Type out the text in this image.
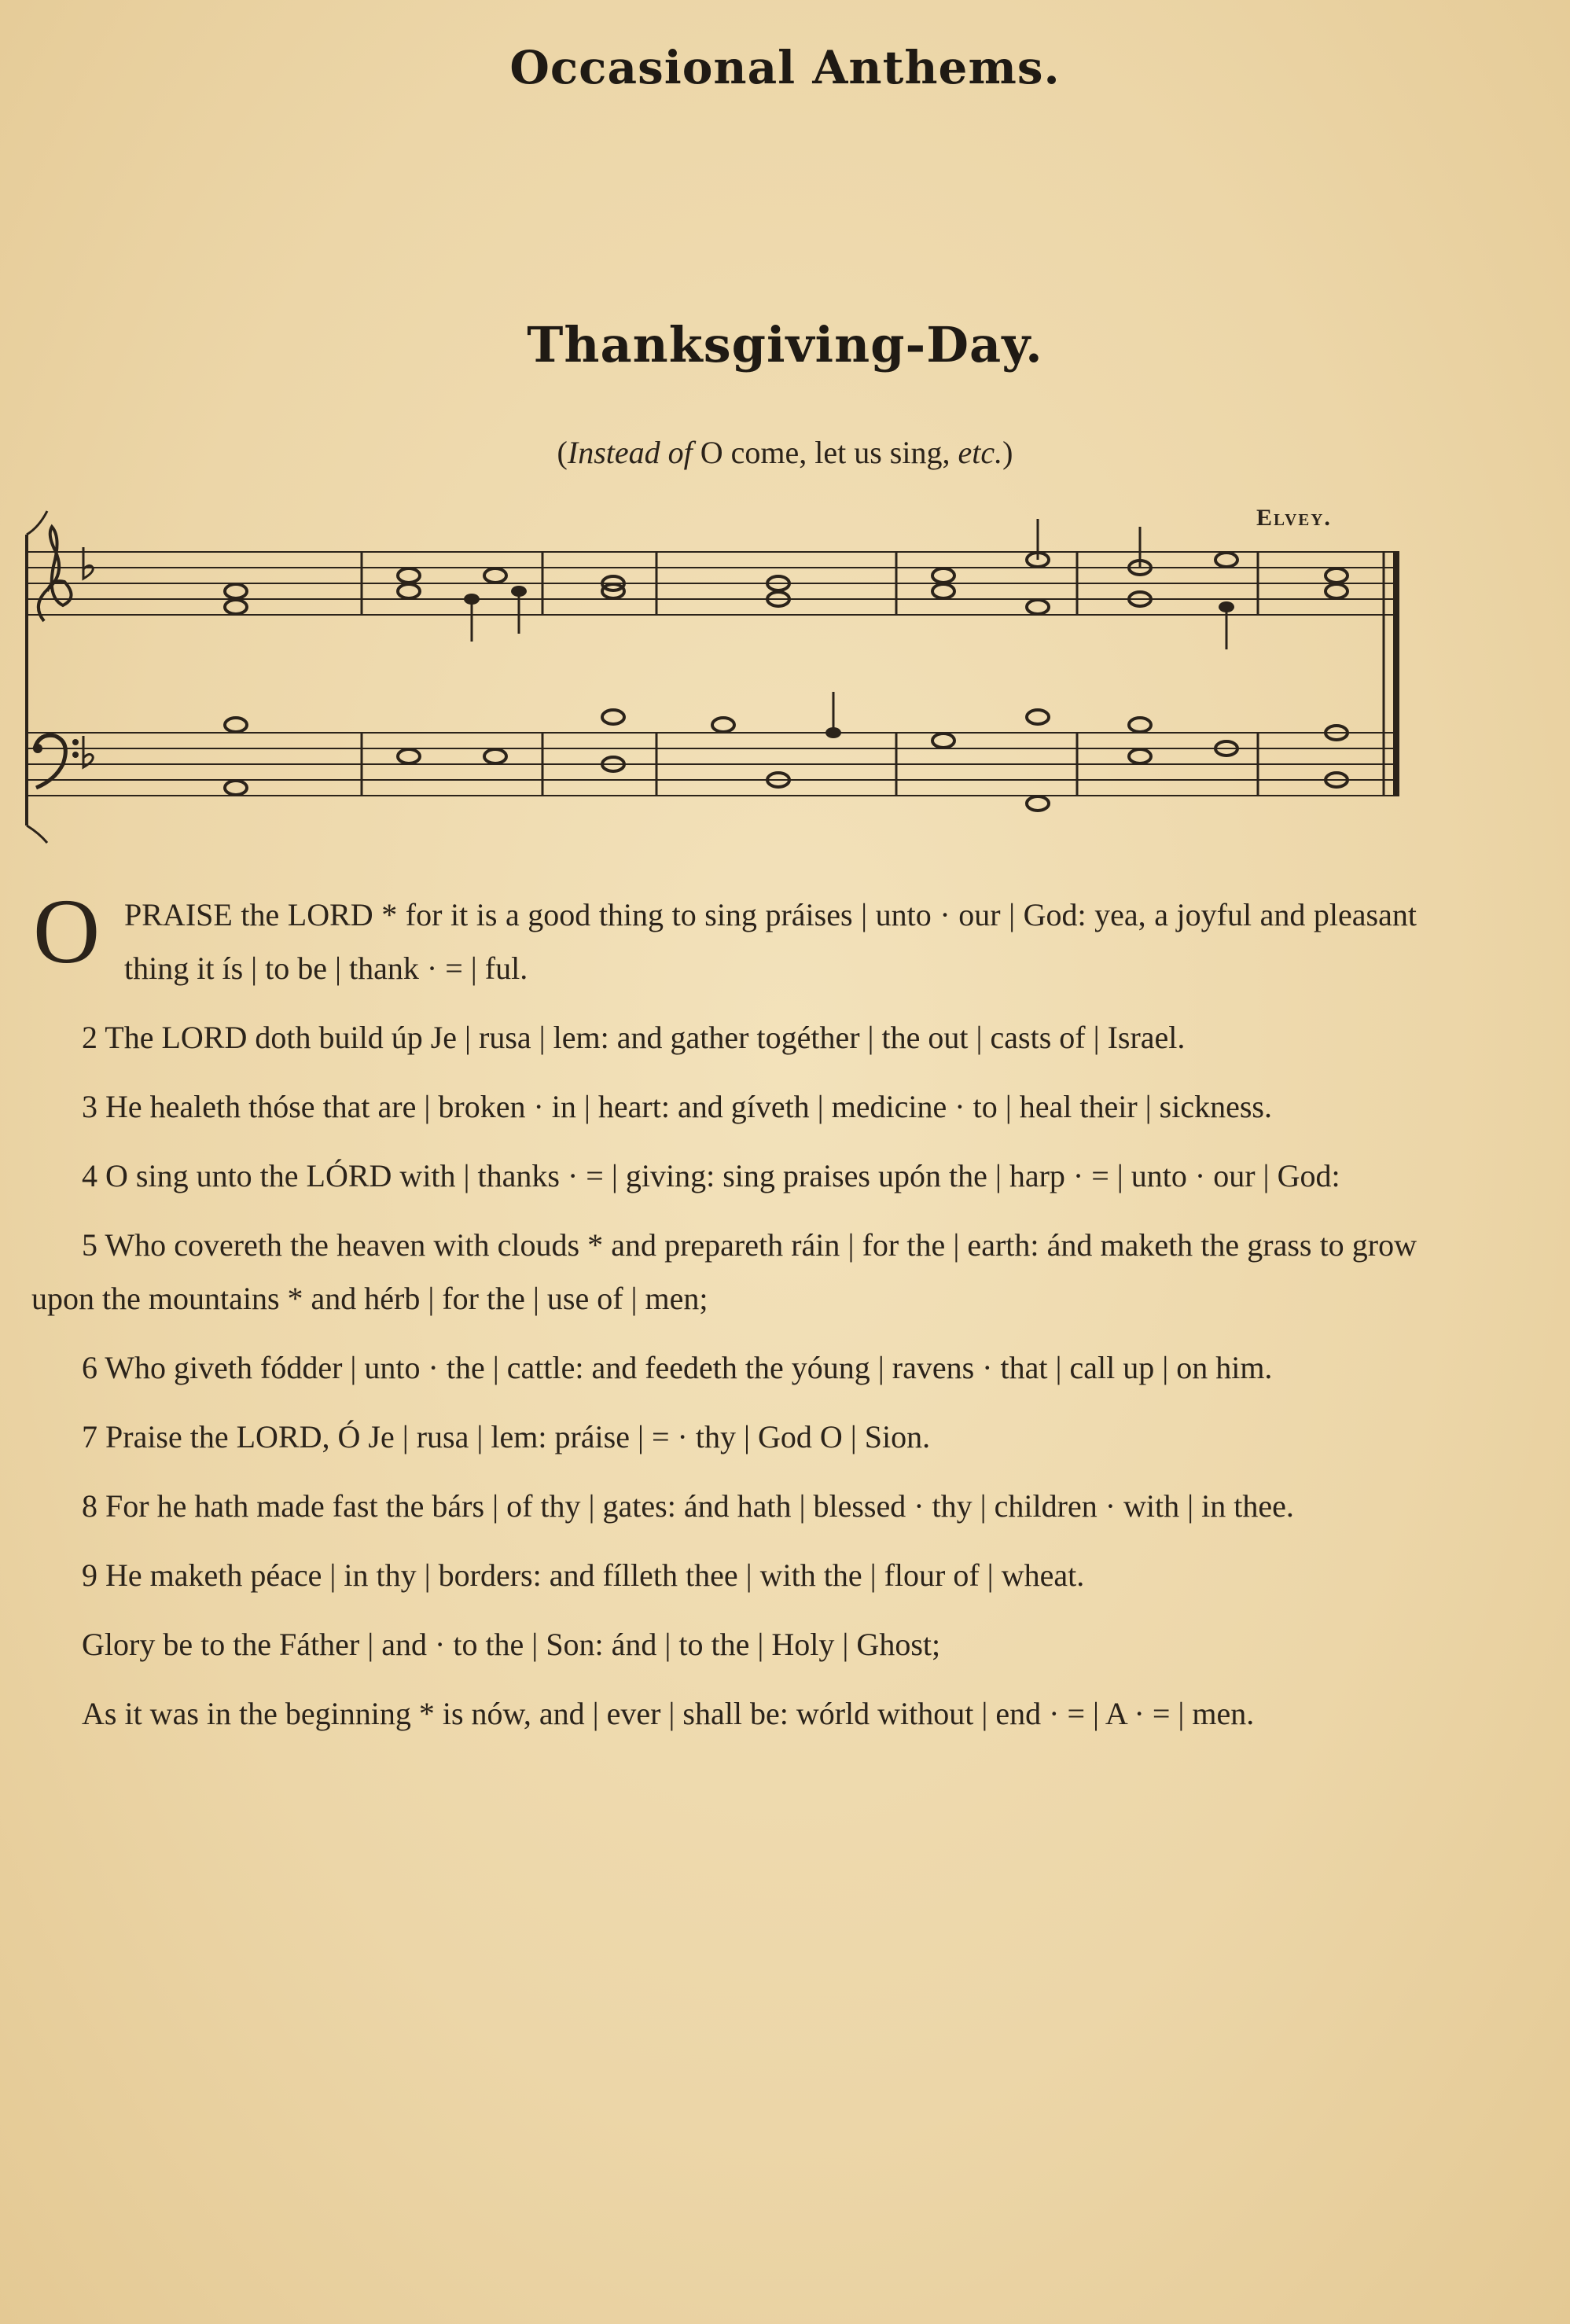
Occasional Anthems.
Thanksgiving-Day.
(Instead of O come, let us sing, etc.)
Elvey.

O PRAISE the LORD * for it is a good thing to sing práises | unto · our | God: yea, a joyful and pleasant thing it ís | to be | thank · = | ful.

2 The LORD doth build úp Je | rusa | lem: and gather togéther | the out | casts of | Israel.

3 He healeth thóse that are | broken · in | heart: and gíveth | medicine · to | heal their | sickness.

4 O sing unto the LÓRD with | thanks · = | giving: sing praises upón the | harp · = | unto · our | God:

5 Who covereth the heaven with clouds * and prepareth ráin | for the | earth: ánd maketh the grass to grow upon the mountains * and hérb | for the | use of | men;

6 Who giveth fódder | unto · the | cattle: and feedeth the yóung | ravens · that | call up | on him.

7 Praise the LORD, Ó Je | rusa | lem: práise | = · thy | God O | Sion.

8 For he hath made fast the bárs | of thy | gates: ánd hath | blessed · thy | children · with | in thee.

9 He maketh péace | in thy | borders: and fílleth thee | with the | flour of | wheat.

Glory be to the Fáther | and · to the | Son: ánd | to the | Holy | Ghost;

As it was in the beginning * is nów, and | ever | shall be: wórld without | end · = | A · = | men.
